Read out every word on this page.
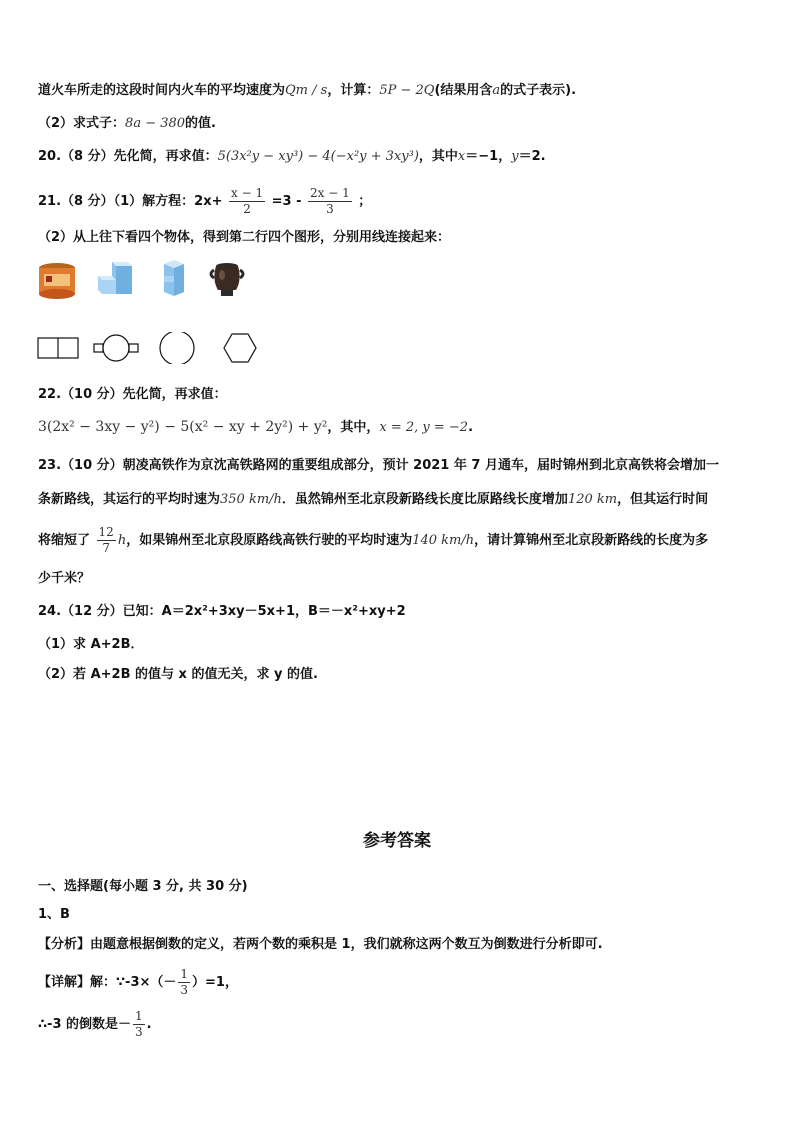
道火车所走的这段时间内火车的平均速度为Qm / s，计算：5P − 2Q(结果用含a的式子表示).
（2）求式子：8a − 380的值.
20.（8 分）先化简，再求值：5(3x²y − xy³) − 4(−x²y + 3xy³)，其中x＝−1，y＝2.
21.（8 分）（1）解方程：$2x+ \frac{x - 1}{2} =3 - \frac{2x - 1}{3}$ ；
（2）从上往下看四个物体，得到第二行四个图形，分别用线连接起来：
22.（10 分）先化简，再求值：
3(2x² − 3xy − y²) − 5(x² − xy + 2y²) + y²，其中，x = 2, y = −2.
23.（10 分）朝凌高铁作为京沈高铁路网的重要组成部分，预计 2021 年 7 月通车，届时锦州到北京高铁将会增加一
条新路线，其运行的平均时速为350 km/h．虽然锦州至北京段新路线长度比原路线长度增加120 km，但其运行时间
将缩短了 $\frac{12}{7}$ h，如果锦州至北京段原路线高铁行驶的平均时速为140 km/h，请计算锦州至北京段新路线的长度为多
少千米？
24.（12 分）已知：A＝2x²+3xy－5x+1，B＝－x²+xy+2
（1）求 A+2B．
（2）若 A+2B 的值与 x 的值无关，求 y 的值.
参考答案
一、选择题(每小题 3 分, 共 30 分)
1、B
【分析】由题意根据倒数的定义，若两个数的乘积是 1，我们就称这两个数互为倒数进行分析即可.
【详解】解：∵-3×（－ $\frac{1}{3} )=1$，
∴-3 的倒数是－ $\frac{1}{3}$ .
